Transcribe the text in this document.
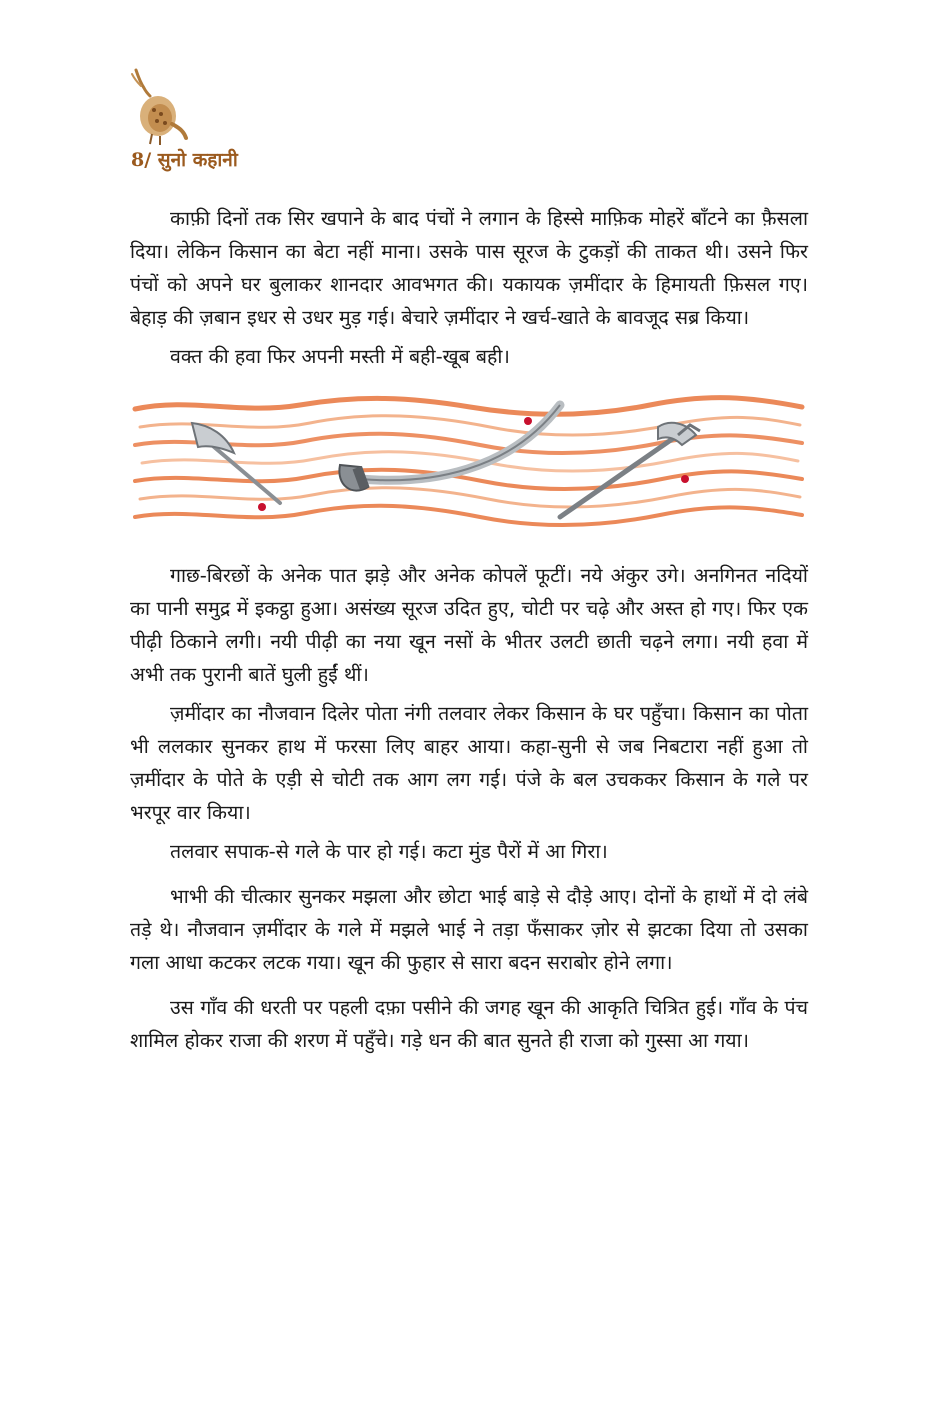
8/ सुनो कहानी

काफ़ी दिनों तक सिर खपाने के बाद पंचों ने लगान के हिस्से माफ़िक मोहरें बाँटने का फ़ैसला दिया। लेकिन किसान का बेटा नहीं माना। उसके पास सूरज के टुकड़ों की ताकत थी। उसने फिर पंचों को अपने घर बुलाकर शानदार आवभगत की। यकायक ज़मींदार के हिमायती फ़िसल गए। बेहाड़ की ज़बान इधर से उधर मुड़ गई। बेचारे ज़मींदार ने खर्च-खाते के बावजूद सब्र किया।

वक्त की हवा फिर अपनी मस्ती में बही-खूब बही।

गाछ-बिरछों के अनेक पात झड़े और अनेक कोपलें फूटीं। नये अंकुर उगे। अनगिनत नदियों का पानी समुद्र में इकट्ठा हुआ। असंख्य सूरज उदित हुए, चोटी पर चढ़े और अस्त हो गए। फिर एक पीढ़ी ठिकाने लगी। नयी पीढ़ी का नया खून नसों के भीतर उलटी छाती चढ़ने लगा। नयी हवा में अभी तक पुरानी बातें घुली हुईं थीं।

ज़मींदार का नौजवान दिलेर पोता नंगी तलवार लेकर किसान के घर पहुँचा। किसान का पोता भी ललकार सुनकर हाथ में फरसा लिए बाहर आया। कहा-सुनी से जब निबटारा नहीं हुआ तो ज़मींदार के पोते के एड़ी से चोटी तक आग लग गई। पंजे के बल उचककर किसान के गले पर भरपूर वार किया।

तलवार सपाक-से गले के पार हो गई। कटा मुंड पैरों में आ गिरा।

भाभी की चीत्कार सुनकर मझला और छोटा भाई बाड़े से दौड़े आए। दोनों के हाथों में दो लंबे तड़े थे। नौजवान ज़मींदार के गले में मझले भाई ने तड़ा फँसाकर ज़ोर से झटका दिया तो उसका गला आधा कटकर लटक गया। खून की फुहार से सारा बदन सराबोर होने लगा।

उस गाँव की धरती पर पहली दफ़ा पसीने की जगह खून की आकृति चित्रित हुई। गाँव के पंच शामिल होकर राजा की शरण में पहुँचे। गड़े धन की बात सुनते ही राजा को गुस्सा आ गया।
